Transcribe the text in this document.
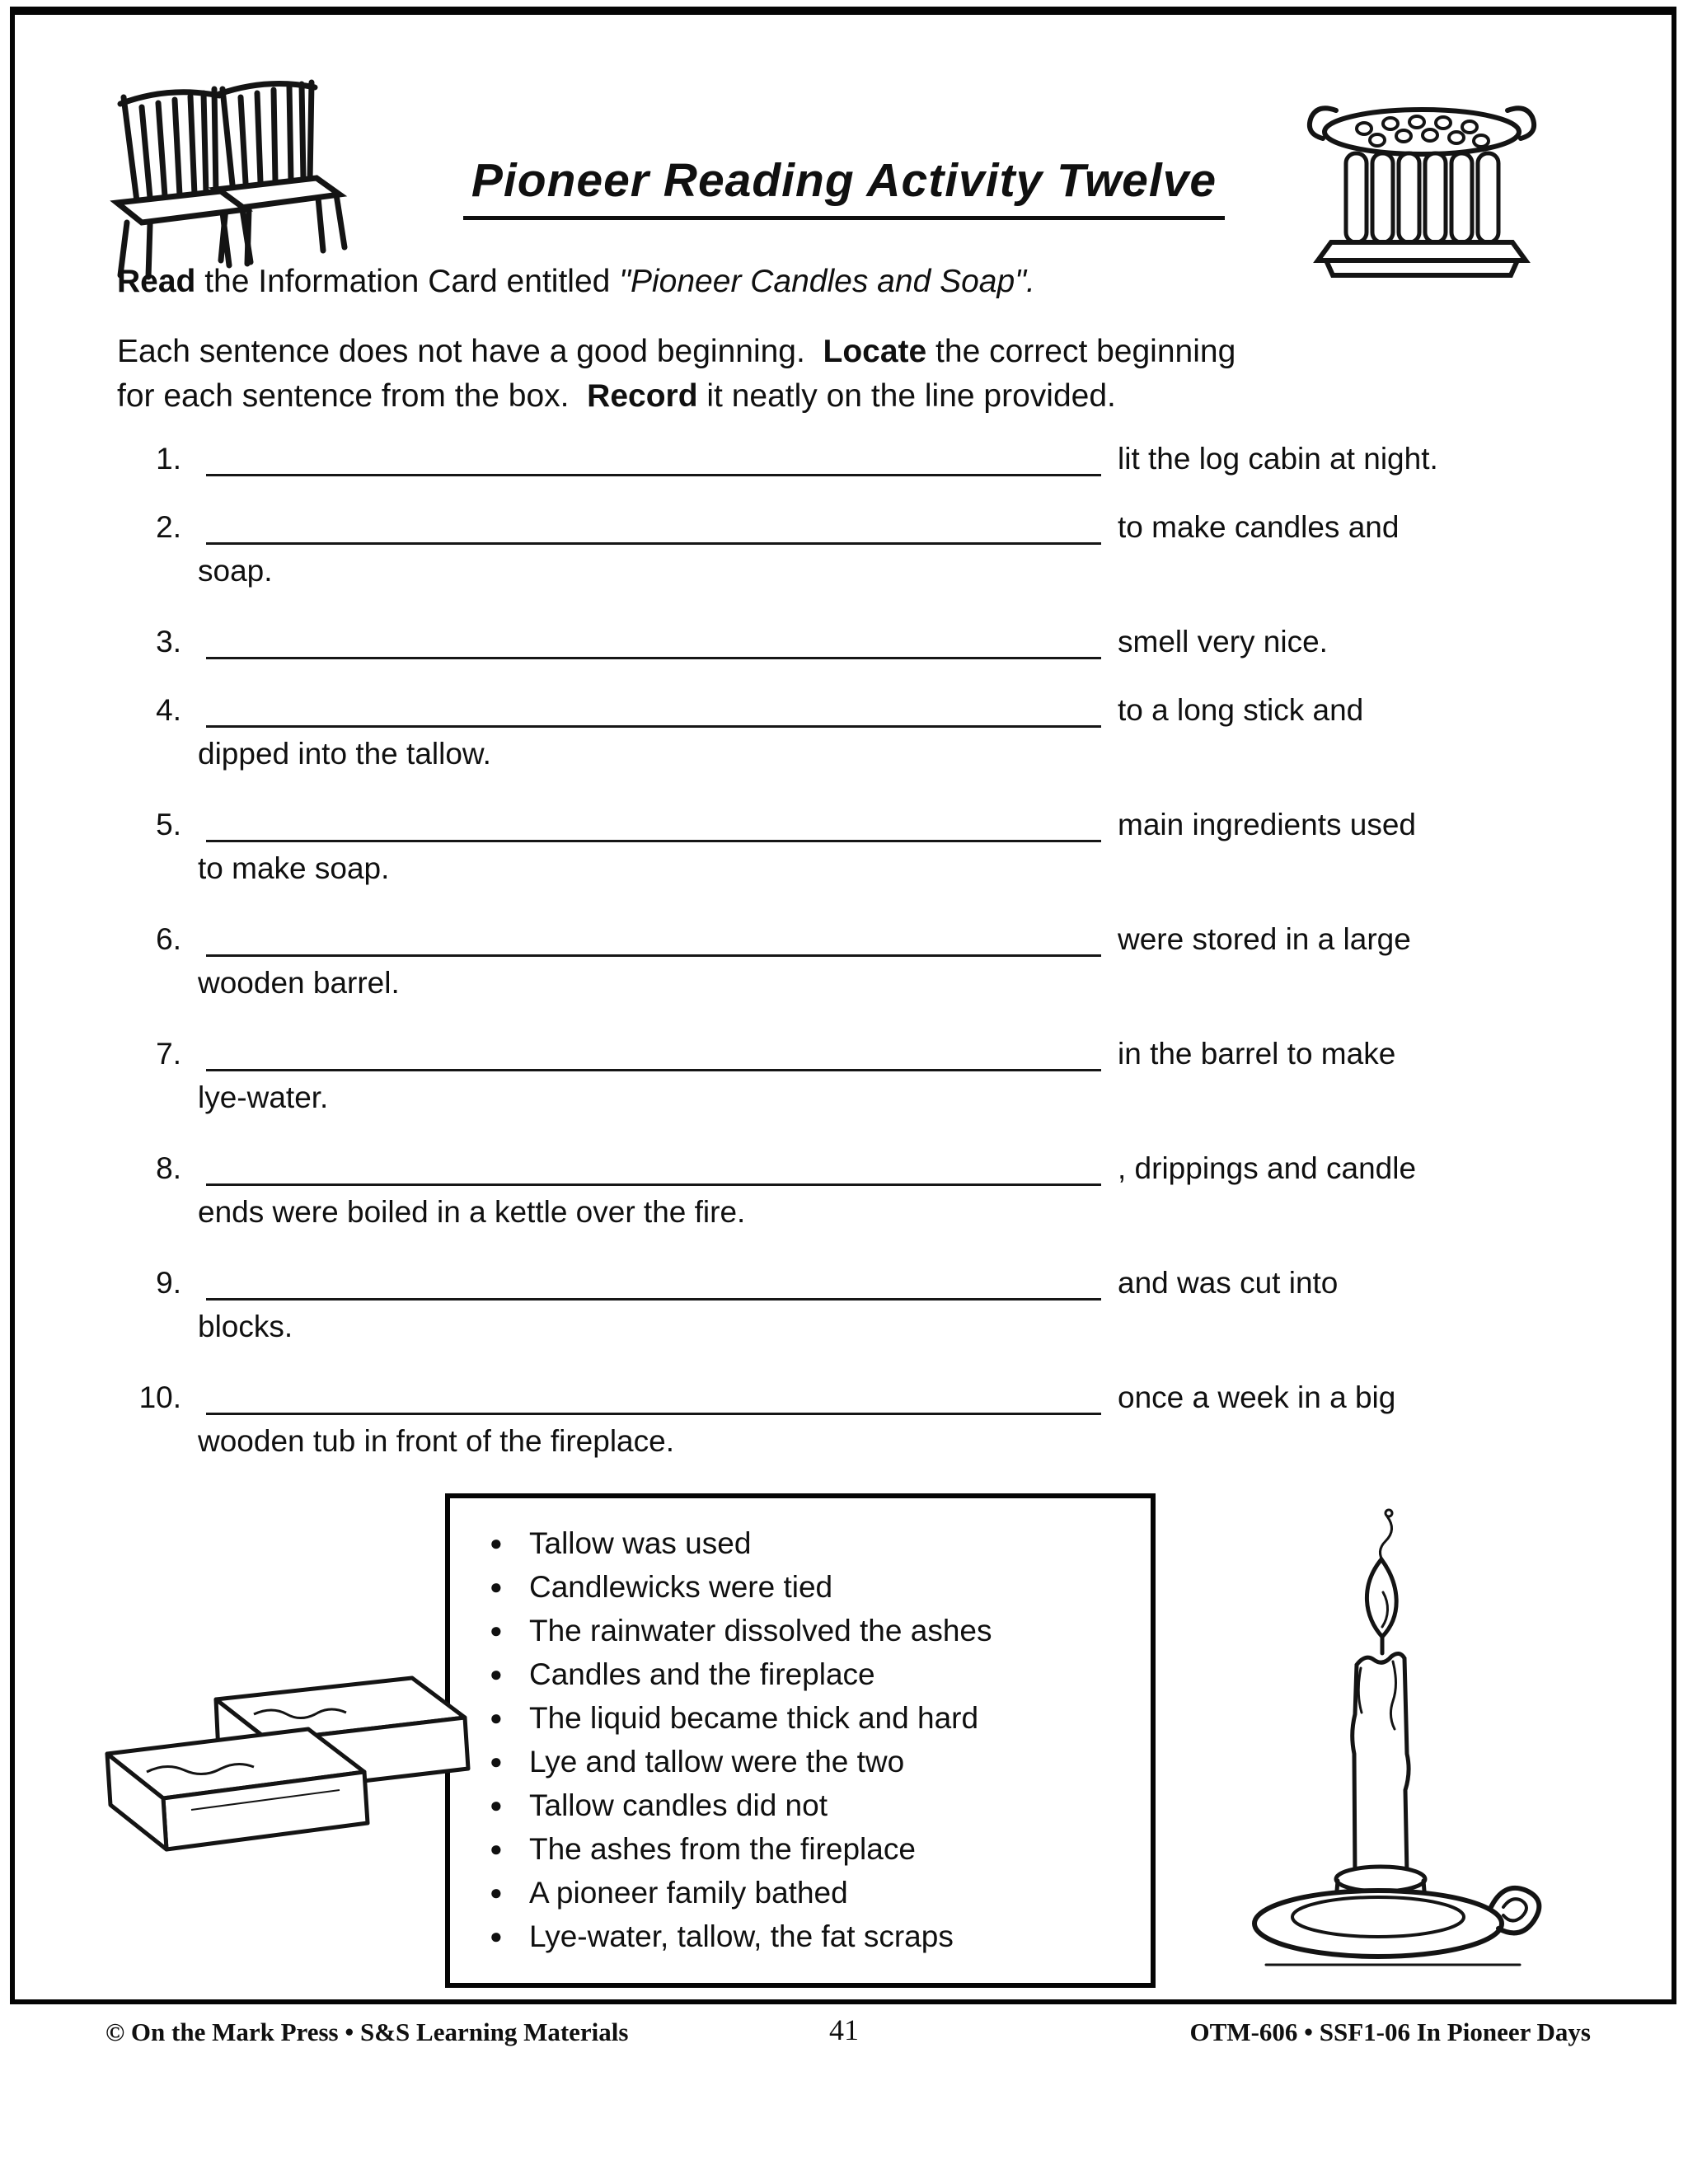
Pioneer Reading Activity Twelve
Read the Information Card entitled "Pioneer Candles and Soap".
Each sentence does not have a good beginning.  Locate the correct beginning
for each sentence from the box.  Record it neatly on the line provided.
1.	lit the log cabin at night.
2.	to make candles and
soap.
3.	smell very nice.
4.	to a long stick and
dipped into the tallow.
5.	main ingredients used
to make soap.
6.	were stored in a large
wooden barrel.
7.	in the barrel to make
lye-water.
8.	, drippings and candle
ends were boiled in a kettle over the fire.
9.	and was cut into
blocks.
10.	once a week in a big
wooden tub in front of the fireplace.
● Tallow was used
● Candlewicks were tied
● The rainwater dissolved the ashes
● Candles and the fireplace
● The liquid became thick and hard
● Lye and tallow were the two
● Tallow candles did not
● The ashes from the fireplace
● A pioneer family bathed
● Lye-water, tallow, the fat scraps
© On the Mark Press • S&S Learning Materials	41	OTM-606 • SSF1-06 In Pioneer Days
